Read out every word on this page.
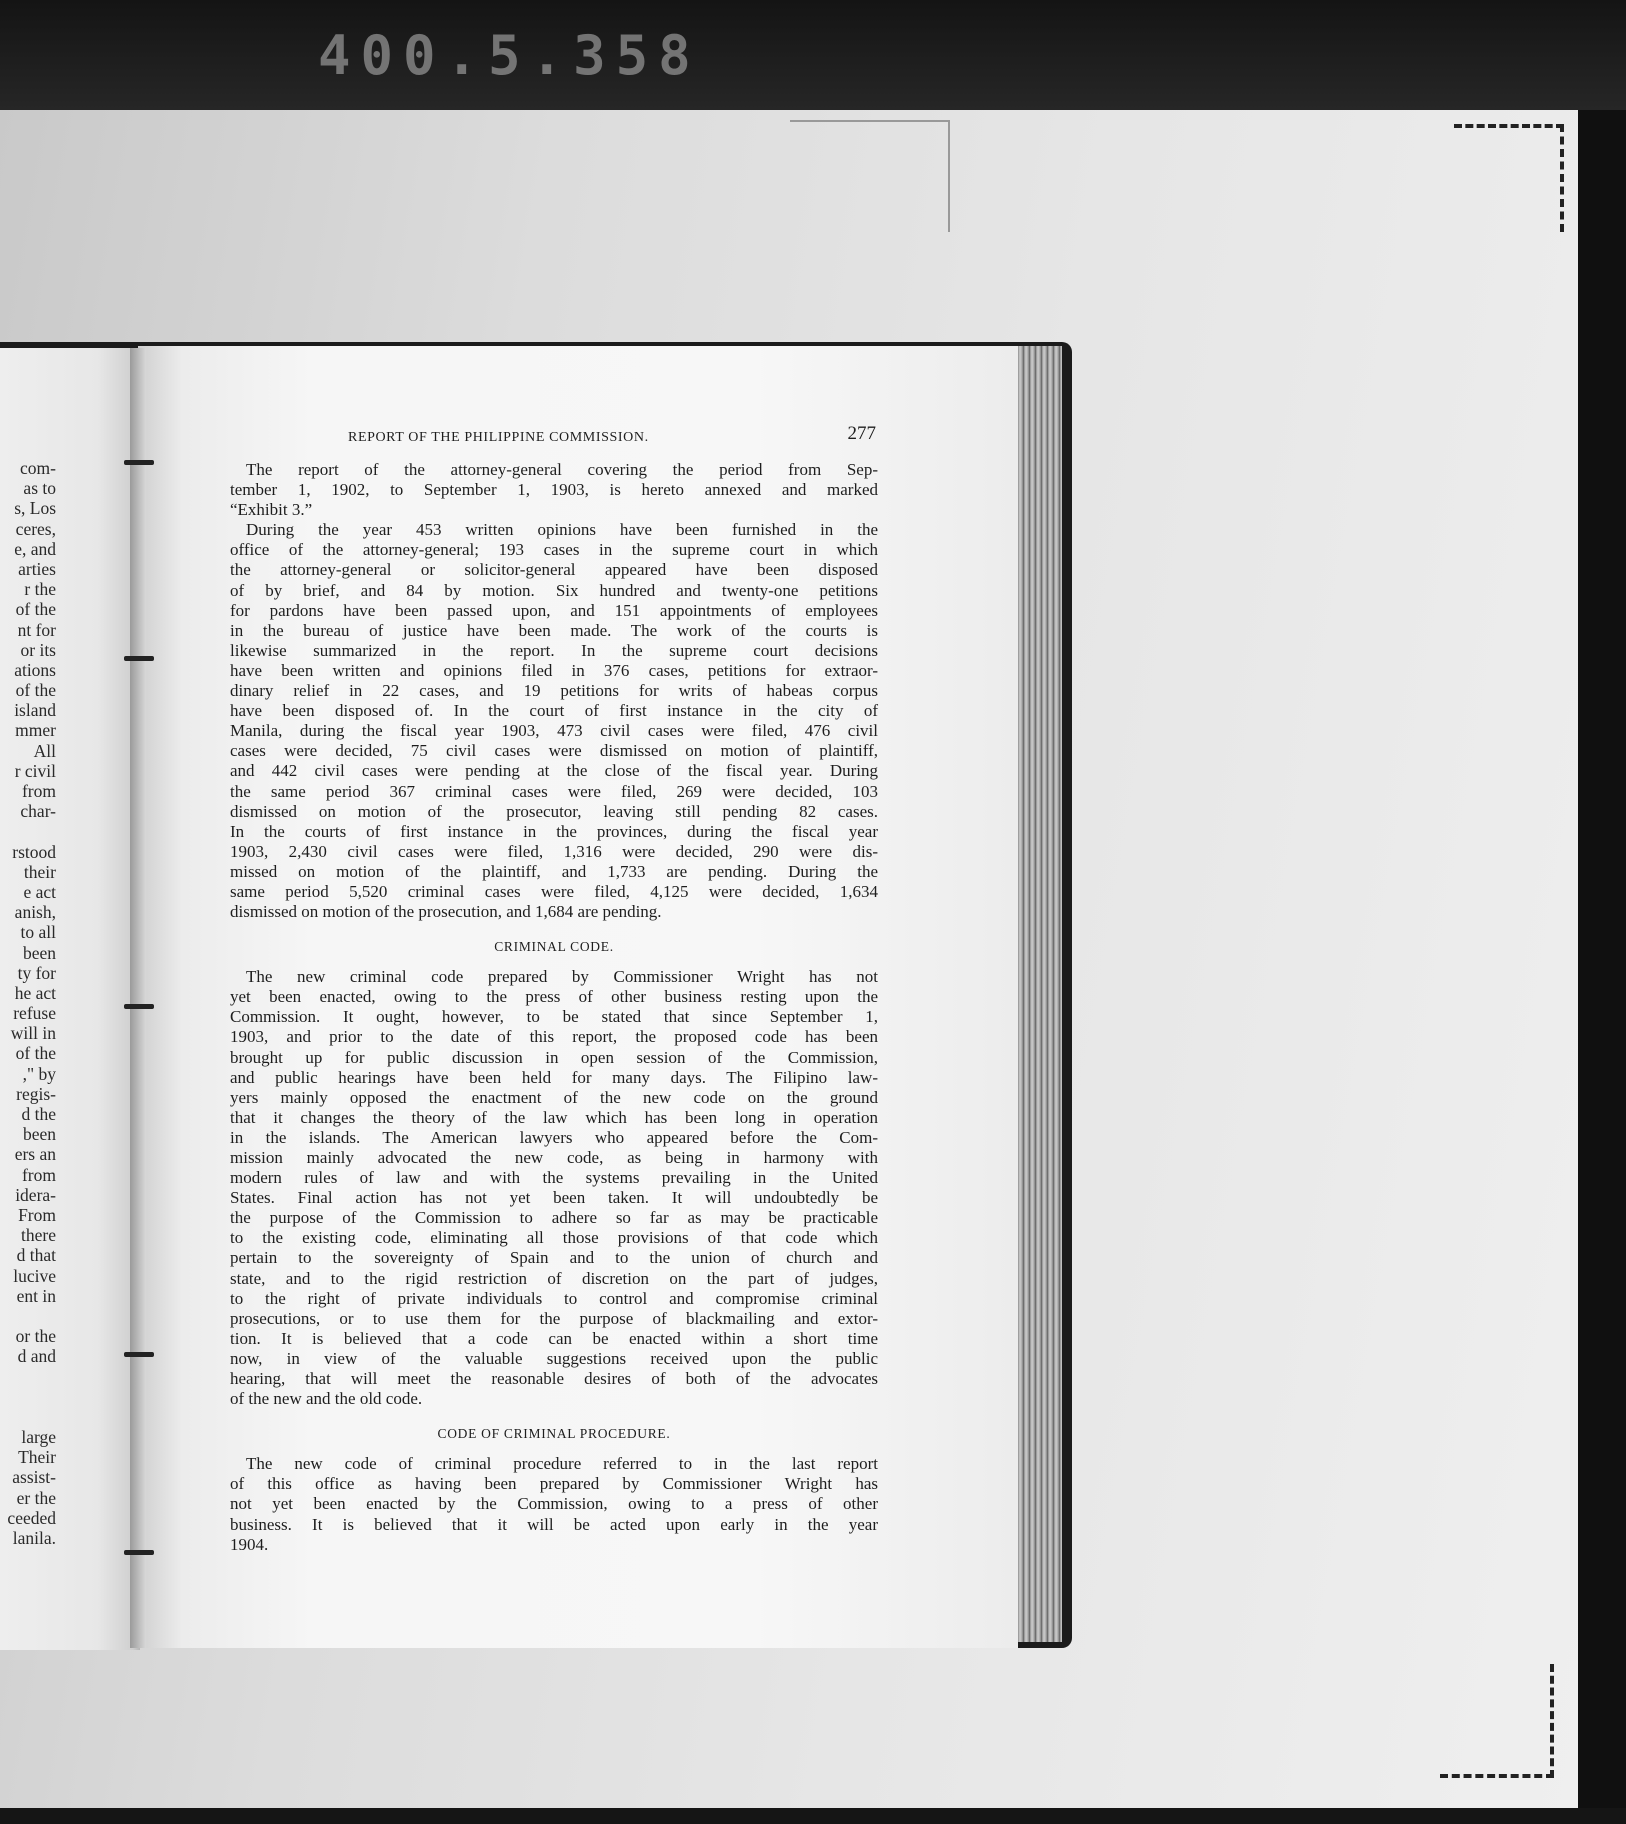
400.5.358
com-
as to
s, Los
ceres,
e, and
arties
r the
of the
nt for
or its
ations
of the
island
mmer
All
r civil
from
char-
rstood
their
e act
anish,
to all
been
ty for
he act
refuse
will in
of the
," by
regis-
d the
been
ers an
from
idera-
From
there
d that
lucive
ent in
or the
d and
large
Their
assist-
er the
ceeded
lanila.
REPORT OF THE PHILIPPINE COMMISSION.	277
The report of the attorney-general covering the period from Sep-
tember 1, 1902, to September 1, 1903, is hereto annexed and marked
“Exhibit 3.”
During the year 453 written opinions have been furnished in the
office of the attorney-general; 193 cases in the supreme court in which
the attorney-general or solicitor-general appeared have been disposed
of by brief, and 84 by motion. Six hundred and twenty-one petitions
for pardons have been passed upon, and 151 appointments of employees
in the bureau of justice have been made. The work of the courts is
likewise summarized in the report. In the supreme court decisions
have been written and opinions filed in 376 cases, petitions for extraor-
dinary relief in 22 cases, and 19 petitions for writs of habeas corpus
have been disposed of. In the court of first instance in the city of
Manila, during the fiscal year 1903, 473 civil cases were filed, 476 civil
cases were decided, 75 civil cases were dismissed on motion of plaintiff,
and 442 civil cases were pending at the close of the fiscal year. During
the same period 367 criminal cases were filed, 269 were decided, 103
dismissed on motion of the prosecutor, leaving still pending 82 cases.
In the courts of first instance in the provinces, during the fiscal year
1903, 2,430 civil cases were filed, 1,316 were decided, 290 were dis-
missed on motion of the plaintiff, and 1,733 are pending. During the
same period 5,520 criminal cases were filed, 4,125 were decided, 1,634
dismissed on motion of the prosecution, and 1,684 are pending.
CRIMINAL CODE.
The new criminal code prepared by Commissioner Wright has not
yet been enacted, owing to the press of other business resting upon the
Commission. It ought, however, to be stated that since September 1,
1903, and prior to the date of this report, the proposed code has been
brought up for public discussion in open session of the Commission,
and public hearings have been held for many days. The Filipino law-
yers mainly opposed the enactment of the new code on the ground
that it changes the theory of the law which has been long in operation
in the islands. The American lawyers who appeared before the Com-
mission mainly advocated the new code, as being in harmony with
modern rules of law and with the systems prevailing in the United
States. Final action has not yet been taken. It will undoubtedly be
the purpose of the Commission to adhere so far as may be practicable
to the existing code, eliminating all those provisions of that code which
pertain to the sovereignty of Spain and to the union of church and
state, and to the rigid restriction of discretion on the part of judges,
to the right of private individuals to control and compromise criminal
prosecutions, or to use them for the purpose of blackmailing and extor-
tion. It is believed that a code can be enacted within a short time
now, in view of the valuable suggestions received upon the public
hearing, that will meet the reasonable desires of both of the advocates
of the new and the old code.
CODE OF CRIMINAL PROCEDURE.
The new code of criminal procedure referred to in the last report
of this office as having been prepared by Commissioner Wright has
not yet been enacted by the Commission, owing to a press of other
business. It is believed that it will be acted upon early in the year
1904.
